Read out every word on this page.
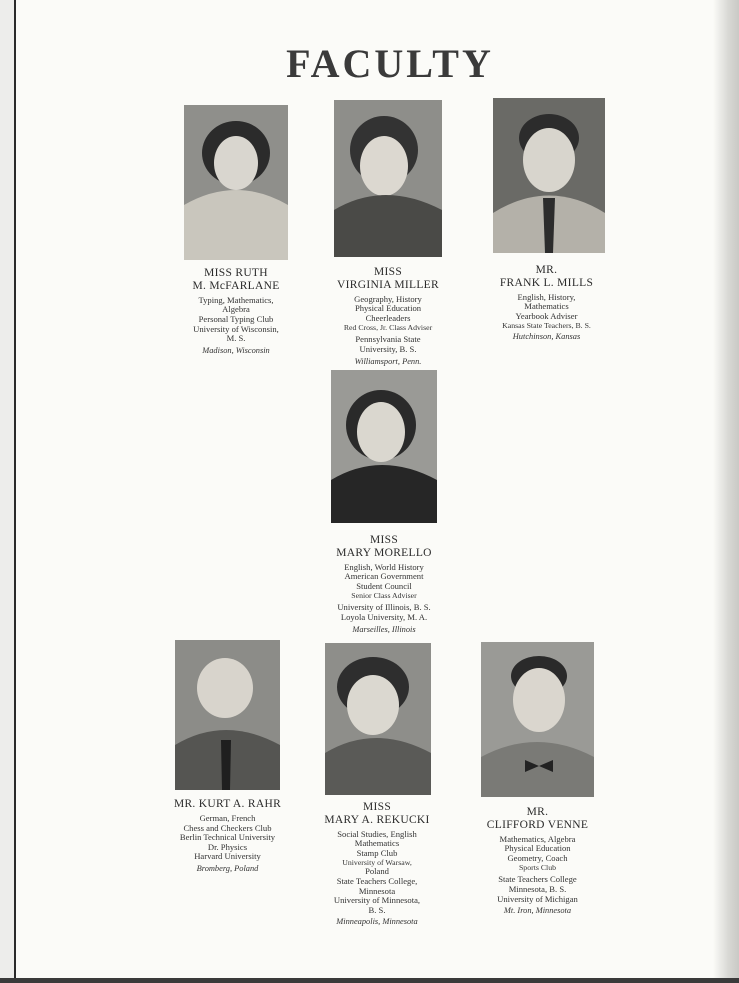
FACULTY
MISS RUTH
M. McFARLANE
Typing, Mathematics,
Algebra
Personal Typing Club
University of Wisconsin,
M. S.
Madison, Wisconsin
MISS
VIRGINIA MILLER
Geography, History
Physical Education
Cheerleaders
Red Cross, Jr. Class Adviser
Pennsylvania State
University, B. S.
Williamsport, Penn.
MR.
FRANK L. MILLS
English, History,
Mathematics
Yearbook Adviser
Kansas State Teachers, B. S.
Hutchinson, Kansas
MISS
MARY MORELLO
English, World History
American Government
Student Council
Senior Class Adviser
University of Illinois, B. S.
Loyola University, M. A.
Marseilles, Illinois
MR. KURT A. RAHR
German, French
Chess and Checkers Club
Berlin Technical University
Dr. Physics
Harvard University
Bromberg, Poland
MISS
MARY A. REKUCKI
Social Studies, English
Mathematics
Stamp Club
University of Warsaw,
Poland
State Teachers College,
Minnesota
University of Minnesota,
B. S.
Minneapolis, Minnesota
MR.
CLIFFORD VENNE
Mathematics, Algebra
Physical Education
Geometry, Coach
Sports Club
State Teachers College
Minnesota, B. S.
University of Michigan
Mt. Iron, Minnesota
